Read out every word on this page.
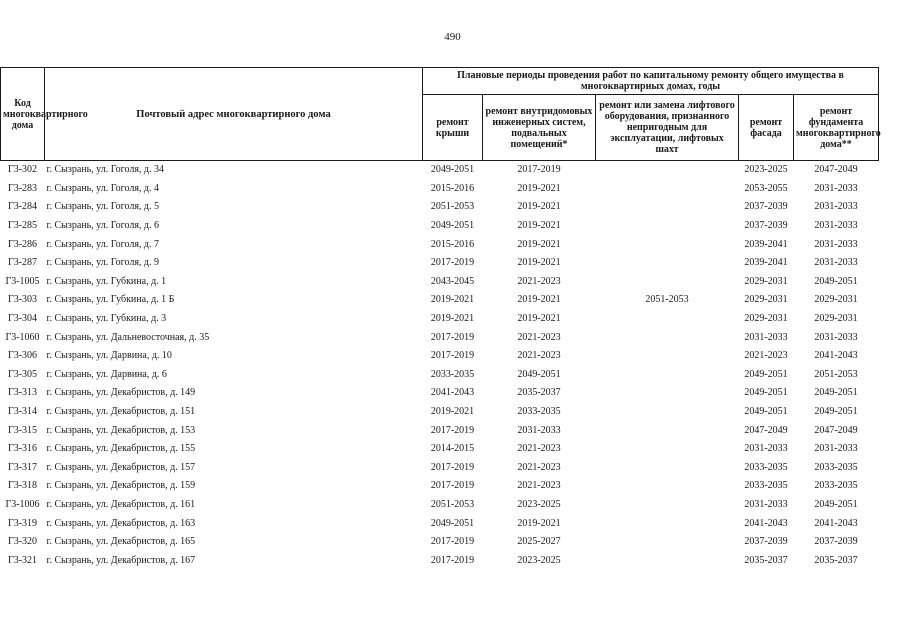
490
Код многоквартирного дома	Почтовый адрес многоквартирного дома	Плановые периоды проведения работ по капитальному ремонту общего имущества в многоквартирных домах, годы				
		ремонт крыши	ремонт внутридомовых инженерных систем, подвальных помещений*	ремонт или замена лифтового оборудования, признанного непригодным для эксплуатации, лифтовых шахт	ремонт фасада	ремонт фундамента многоквартирного дома**
Г3-302	г. Сызрань, ул. Гоголя, д. 34	2049-2051	2017-2019		2023-2025	2047-2049
Г3-283	г. Сызрань, ул. Гоголя, д. 4	2015-2016	2019-2021		2053-2055	2031-2033
Г3-284	г. Сызрань, ул. Гоголя, д. 5	2051-2053	2019-2021		2037-2039	2031-2033
Г3-285	г. Сызрань, ул. Гоголя, д. 6	2049-2051	2019-2021		2037-2039	2031-2033
Г3-286	г. Сызрань, ул. Гоголя, д. 7	2015-2016	2019-2021		2039-2041	2031-2033
Г3-287	г. Сызрань, ул. Гоголя, д. 9	2017-2019	2019-2021		2039-2041	2031-2033
Г3-1005	г. Сызрань, ул. Губкина, д. 1	2043-2045	2021-2023		2029-2031	2049-2051
Г3-303	г. Сызрань, ул. Губкина, д. 1 Б	2019-2021	2019-2021	2051-2053	2029-2031	2029-2031
Г3-304	г. Сызрань, ул. Губкина, д. 3	2019-2021	2019-2021		2029-2031	2029-2031
Г3-1060	г. Сызрань, ул. Дальневосточная, д. 35	2017-2019	2021-2023		2031-2033	2031-2033
Г3-306	г. Сызрань, ул. Дарвина, д. 10	2017-2019	2021-2023		2021-2023	2041-2043
Г3-305	г. Сызрань, ул. Дарвина, д. 6	2033-2035	2049-2051		2049-2051	2051-2053
Г3-313	г. Сызрань, ул. Декабристов, д. 149	2041-2043	2035-2037		2049-2051	2049-2051
Г3-314	г. Сызрань, ул. Декабристов, д. 151	2019-2021	2033-2035		2049-2051	2049-2051
Г3-315	г. Сызрань, ул. Декабристов, д. 153	2017-2019	2031-2033		2047-2049	2047-2049
Г3-316	г. Сызрань, ул. Декабристов, д. 155	2014-2015	2021-2023		2031-2033	2031-2033
Г3-317	г. Сызрань, ул. Декабристов, д. 157	2017-2019	2021-2023		2033-2035	2033-2035
Г3-318	г. Сызрань, ул. Декабристов, д. 159	2017-2019	2021-2023		2033-2035	2033-2035
Г3-1006	г. Сызрань, ул. Декабристов, д. 161	2051-2053	2023-2025		2031-2033	2049-2051
Г3-319	г. Сызрань, ул. Декабристов, д. 163	2049-2051	2019-2021		2041-2043	2041-2043
Г3-320	г. Сызрань, ул. Декабристов, д. 165	2017-2019	2025-2027		2037-2039	2037-2039
Г3-321	г. Сызрань, ул. Декабристов, д. 167	2017-2019	2023-2025		2035-2037	2035-2037
